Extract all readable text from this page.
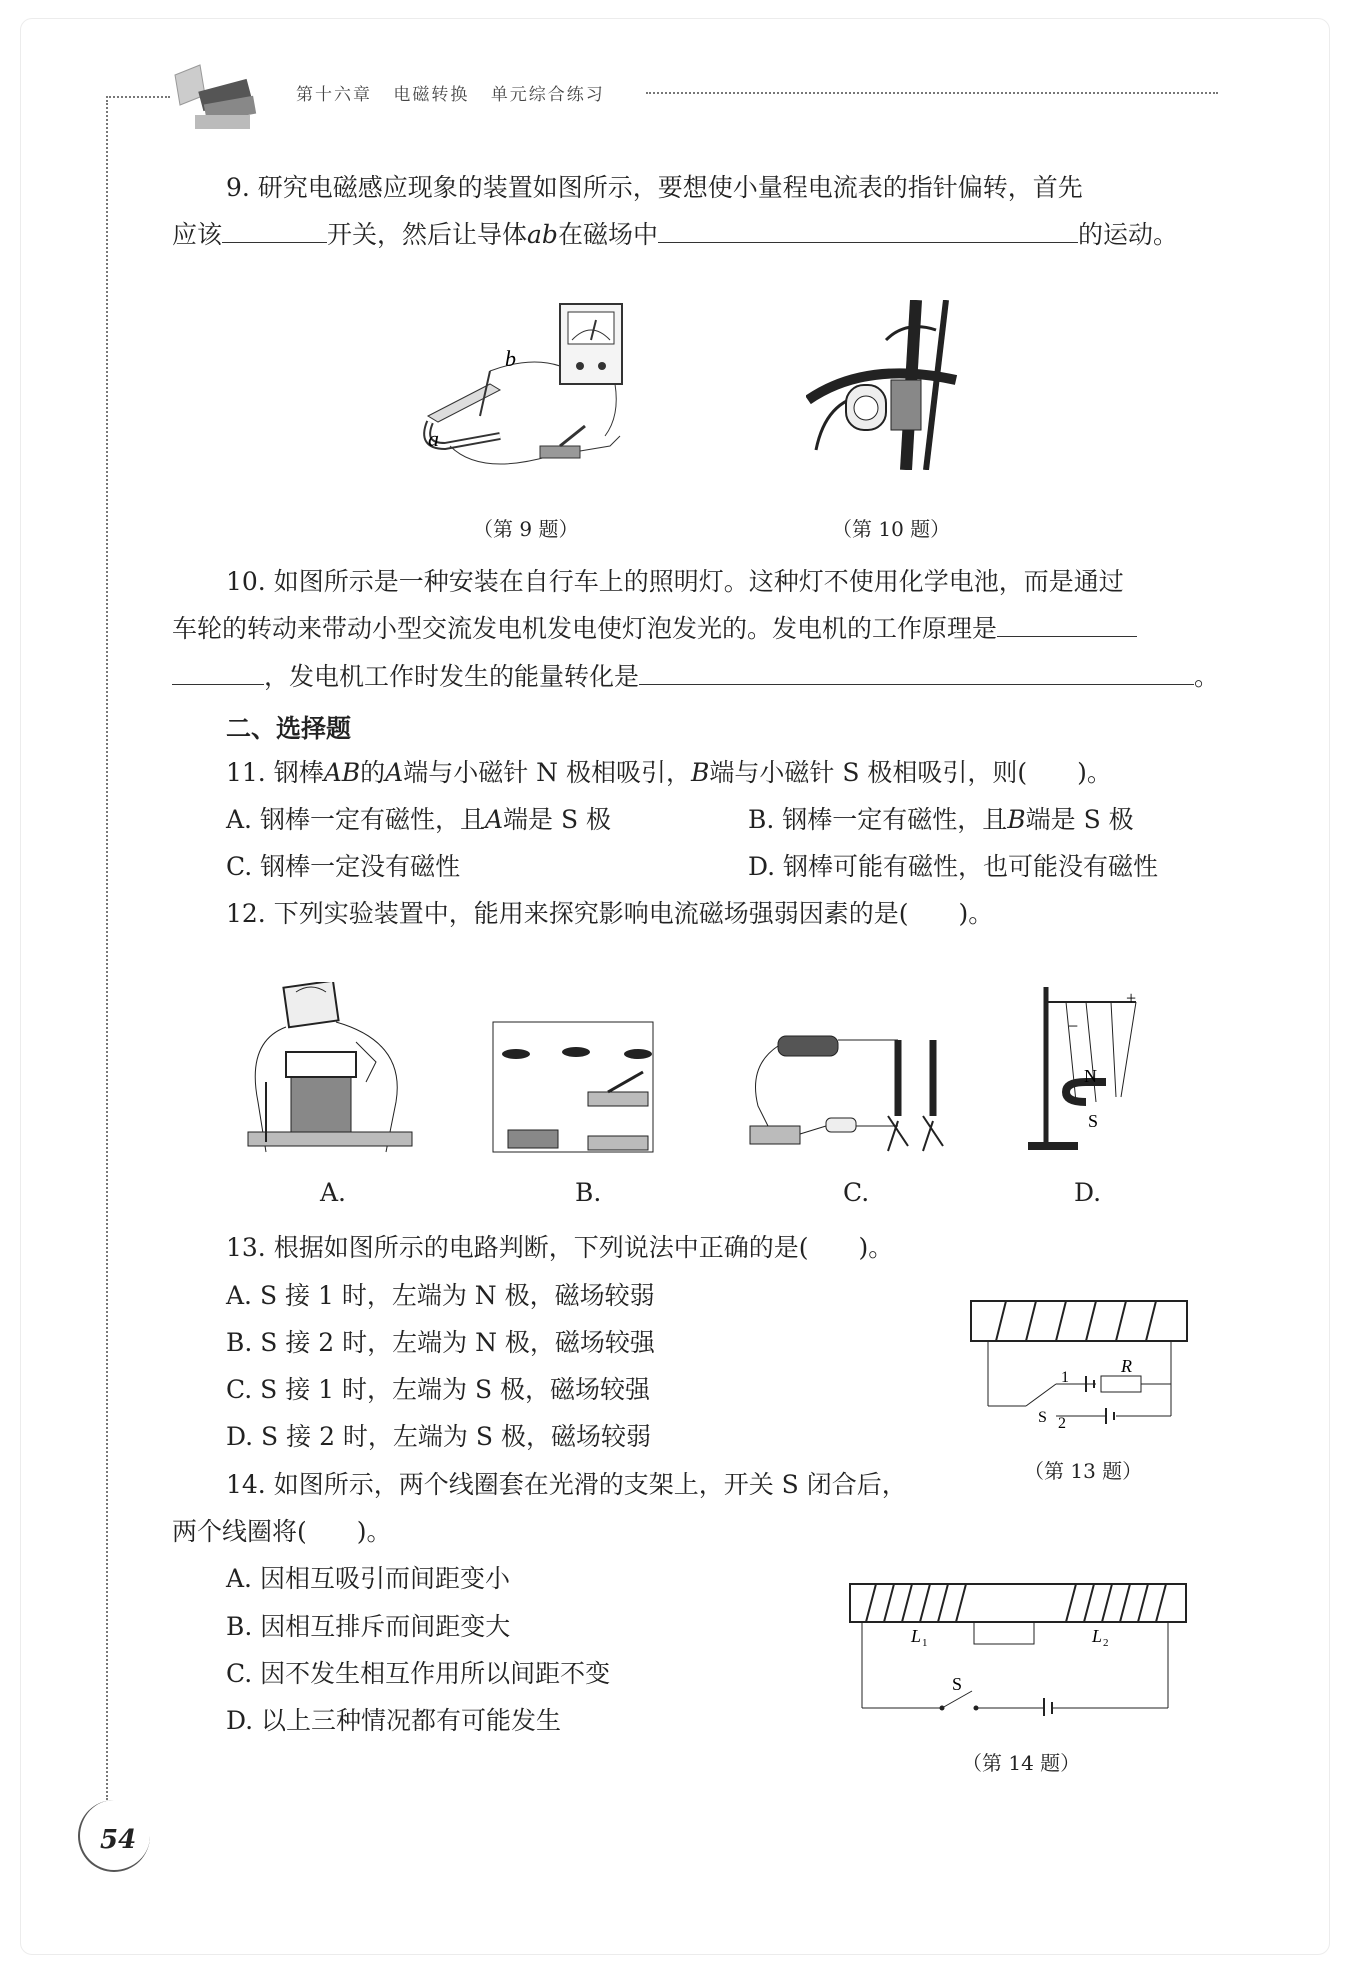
第十六章 电磁转换 单元综合练习
9. 研究电磁感应现象的装置如图所示，要想使小量程电流表的指针偏转，首先
应该	开关，然后让导体ab在磁场中	的运动。
b
a
（第 9 题）	（第 10 题）
10. 如图所示是一种安装在自行车上的照明灯。这种灯不使用化学电池，而是通过
车轮的转动来带动小型交流发电机发电使灯泡发光的。发电机的工作原理是
，发电机工作时发生的能量转化是	。
二、选择题
11. 钢棒AB的A端与小磁针 N 极相吸引，B端与小磁针 S 极相吸引，则(　　)。
A. 钢棒一定有磁性，且A端是 S 极	B. 钢棒一定有磁性，且B端是 S 极
C. 钢棒一定没有磁性	D. 钢棒可能有磁性，也可能没有磁性
12. 下列实验装置中，能用来探究影响电流磁场强弱因素的是(　　)。
A.	B.	C.
N
S
+
−
D.
13. 根据如图所示的电路判断，下列说法中正确的是(　　)。
A. S 接 1 时，左端为 N 极，磁场较弱
B. S 接 2 时，左端为 N 极，磁场较强
C. S 接 1 时，左端为 S 极，磁场较强
D. S 接 2 时，左端为 S 极，磁场较弱
R
1
2
S
（第 13 题）
14. 如图所示，两个线圈套在光滑的支架上，开关 S 闭合后，
两个线圈将(　　)。
A. 因相互吸引而间距变小
B. 因相互排斥而间距变大
C. 因不发生相互作用所以间距不变
D. 以上三种情况都有可能发生
L 1	L 2
S
（第 14 题）
54
